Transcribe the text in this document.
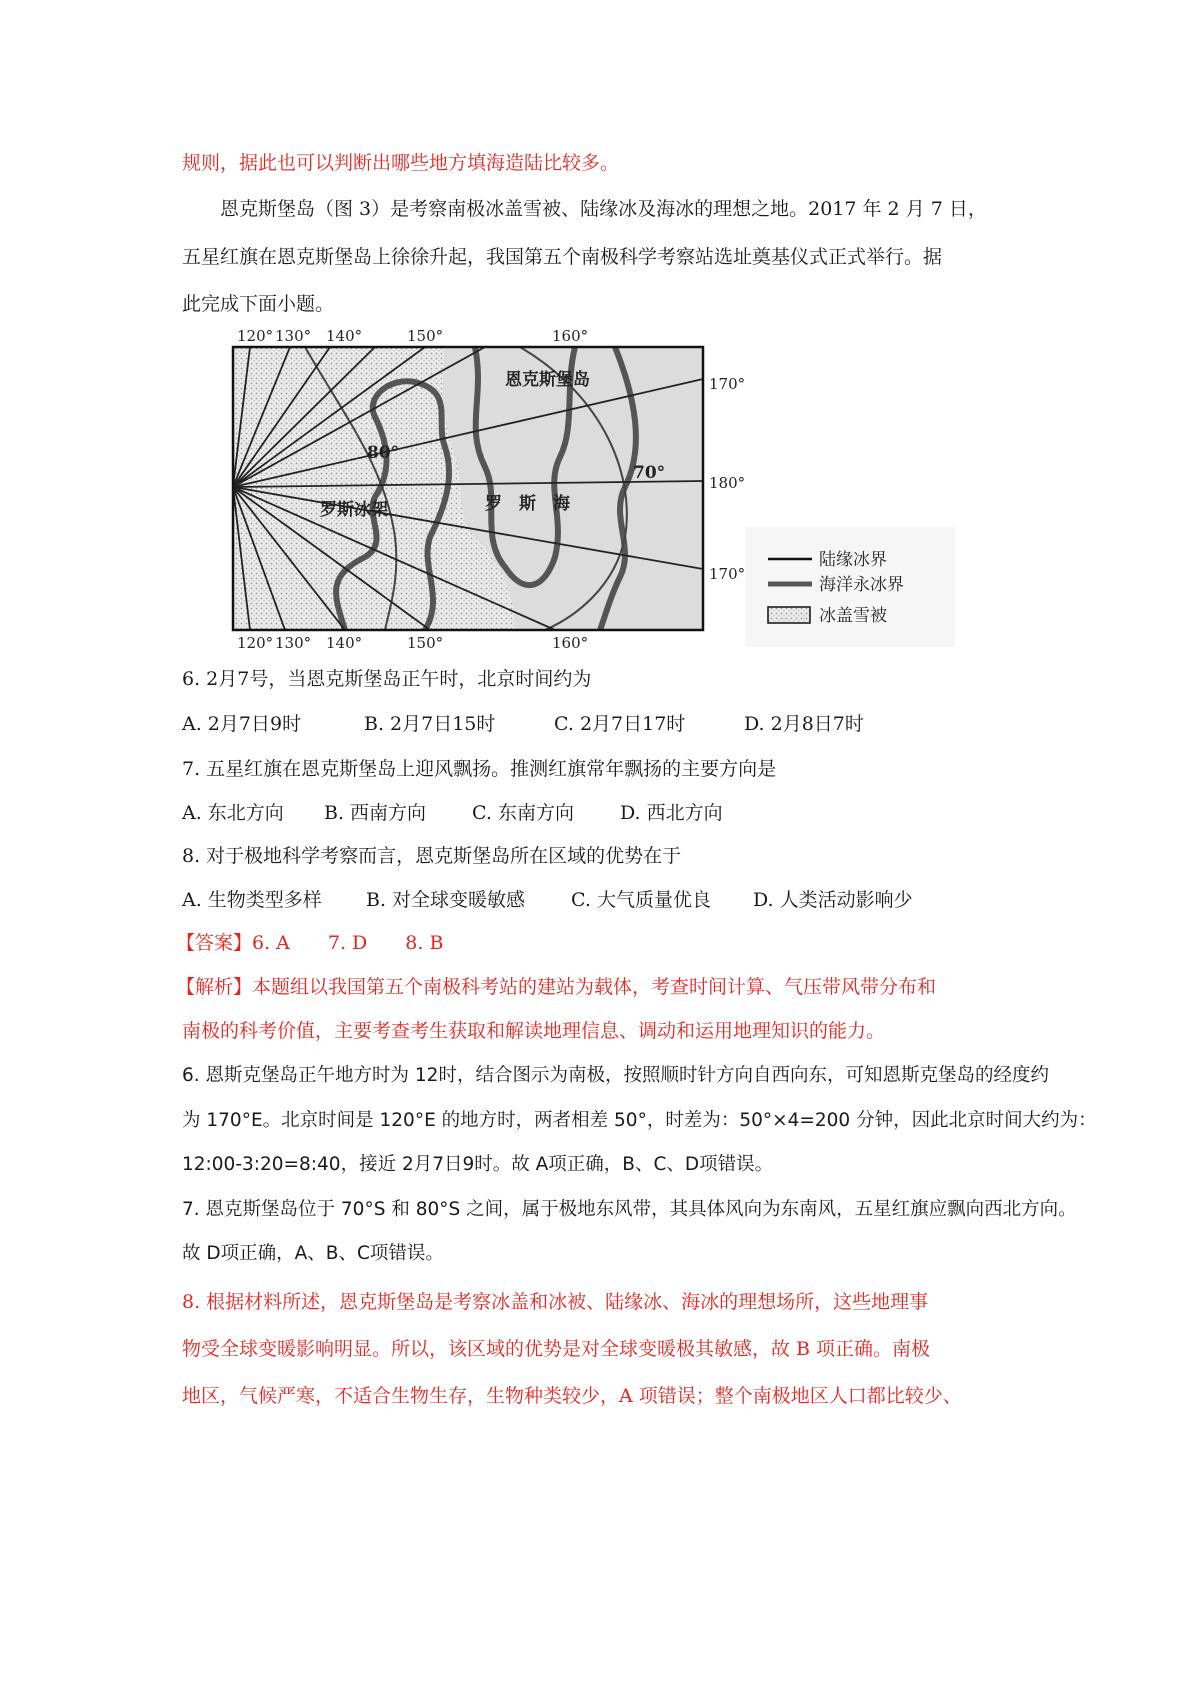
规则，据此也可以判断出哪些地方填海造陆比较多。
恩克斯堡岛（图 3）是考察南极冰盖雪被、陆缘冰及海冰的理想之地。2017 年 2 月 7 日，
五星红旗在恩克斯堡岛上徐徐升起，我国第五个南极科学考察站选址奠基仪式正式举行。据
此完成下面小题。
120° 130° 140°	150°	160°
120° 130° 140°	150°	160°
170°
180°
170°
80°
70°
恩克斯堡岛
罗斯冰架	罗　斯　海
陆缘冰界
海洋永冰界
冰盖雪被
6. 2月7号，当恩克斯堡岛正午时，北京时间约为
A. 2月7日9时	B. 2月7日15时	C. 2月7日17时	D. 2月8日7时
7. 五星红旗在恩克斯堡岛上迎风飘扬。推测红旗常年飘扬的主要方向是
A. 东北方向 B. 西南方向 C. 东南方向 D. 西北方向
8. 对于极地科学考察而言，恩克斯堡岛所在区域的优势在于
A. 生物类型多样 B. 对全球变暖敏感 C. 大气质量优良 D. 人类活动影响少
【答案】6. A　　7. D　　8. B
【解析】本题组以我国第五个南极科考站的建站为载体，考查时间计算、气压带风带分布和
南极的科考价值，主要考查考生获取和解读地理信息、调动和运用地理知识的能力。
6. 恩斯克堡岛正午地方时为 12时，结合图示为南极，按照顺时针方向自西向东，可知恩斯克堡岛的经度约
为 170°E。北京时间是 120°E 的地方时，两者相差 50°，时差为：50°×4=200 分钟，因此北京时间大约为：
12:00-3:20=8:40，接近 2月7日9时。故 A项正确，B、C、D项错误。
7. 恩克斯堡岛位于 70°S 和 80°S 之间，属于极地东风带，其具体风向为东南风，五星红旗应飘向西北方向。
故 D项正确，A、B、C项错误。
8. 根据材料所述，恩克斯堡岛是考察冰盖和冰被、陆缘冰、海冰的理想场所，这些地理事
物受全球变暖影响明显。所以，该区域的优势是对全球变暖极其敏感，故 B 项正确。南极
地区，气候严寒，不适合生物生存，生物种类较少，A 项错误；整个南极地区人口都比较少、
